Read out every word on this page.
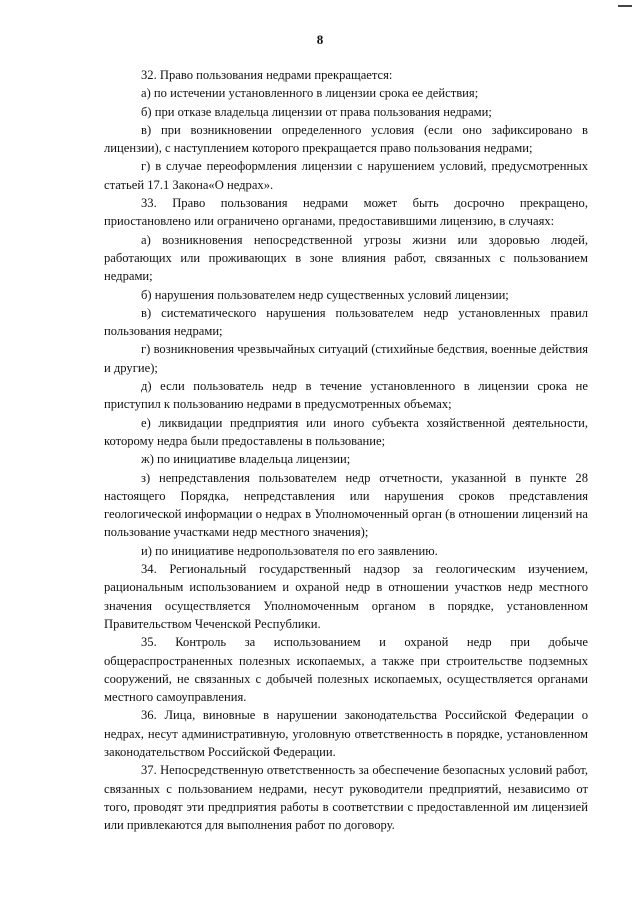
8

32. Право пользования недрами прекращается:

а) по истечении установленного в лицензии срока ее действия;

б) при отказе владельца лицензии от права пользования недрами;

в) при возникновении определенного условия (если оно зафиксировано в лицензии), с наступлением которого прекращается право пользования недрами;

г) в случае переоформления лицензии с нарушением условий, предусмотренных статьей 17.1 Закона«О недрах».

33. Право пользования недрами может быть досрочно прекращено, приостановлено или ограничено органами, предоставившими лицензию, в случаях:

а) возникновения непосредственной угрозы жизни или здоровью людей, работающих или проживающих в зоне влияния работ, связанных с пользованием недрами;

б) нарушения пользователем недр существенных условий лицензии;

в) систематического нарушения пользователем недр установленных правил пользования недрами;

г) возникновения чрезвычайных ситуаций (стихийные бедствия, военные действия и другие);

д) если пользователь недр в течение установленного в лицензии срока не приступил к пользованию недрами в предусмотренных объемах;

е) ликвидации предприятия или иного субъекта хозяйственной деятельности, которому недра были предоставлены в пользование;

ж) по инициативе владельца лицензии;

з) непредставления пользователем недр отчетности, указанной в пункте 28 настоящего Порядка, непредставления или нарушения сроков представления геологической информации о недрах в Уполномоченный орган (в отношении лицензий на пользование участками недр местного значения);

и) по инициативе недропользователя по его заявлению.

34. Региональный государственный надзор за геологическим изучением, рациональным использованием и охраной недр в отношении участков недр местного значения осуществляется Уполномоченным органом в порядке, установленном Правительством Чеченской Республики.

35. Контроль за использованием и охраной недр при добыче общераспространенных полезных ископаемых, а также при строительстве подземных сооружений, не связанных с добычей полезных ископаемых, осуществляется органами местного самоуправления.

36. Лица, виновные в нарушении законодательства Российской Федерации о недрах, несут административную, уголовную ответственность в порядке, установленном законодательством Российской Федерации.

37. Непосредственную ответственность за обеспечение безопасных условий работ, связанных с пользованием недрами, несут руководители предприятий, независимо от того, проводят эти предприятия работы в соответствии с предоставленной им лицензией или привлекаются для выполнения работ по договору.
